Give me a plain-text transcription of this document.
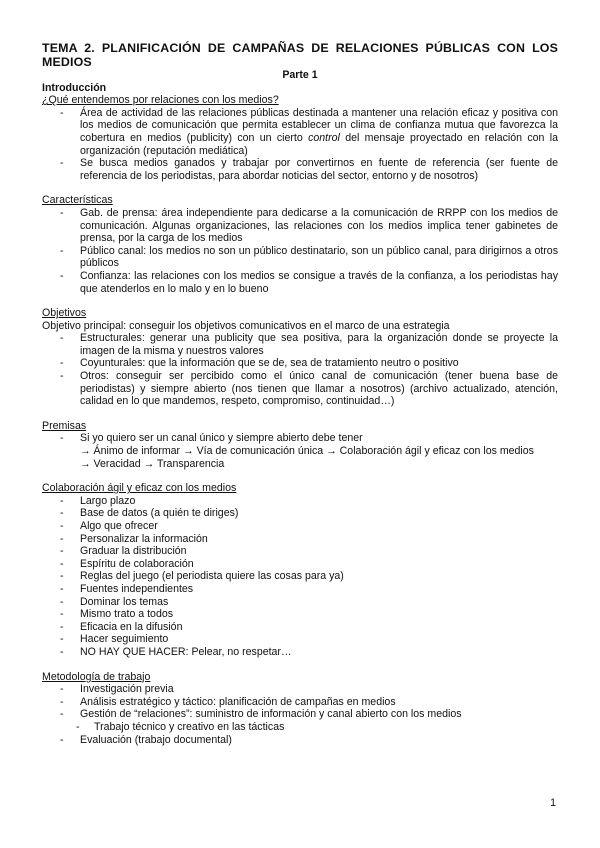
TEMA 2. PLANIFICACIÓN DE CAMPAÑAS DE RELACIONES PÚBLICAS CON LOS MEDIOS

Parte 1

Introducción
¿Qué entendemos por relaciones con los medios?
- Área de actividad de las relaciones públicas destinada a mantener una relación eficaz y positiva con los medios de comunicación que permita establecer un clima de confianza mutua que favorezca la cobertura en medios (publicity) con un cierto control del mensaje proyectado en relación con la organización (reputación mediática)
- Se busca medios ganados y trabajar por convertirnos en fuente de referencia (ser fuente de referencia de los periodistas, para abordar noticias del sector, entorno y de nosotros)
Características
- Gab. de prensa: área independiente para dedicarse a la comunicación de RRPP con los medios de comunicación. Algunas organizaciones, las relaciones con los medios implica tener gabinetes de prensa, por la carga de los medios
- Público canal: los medios no son un público destinatario, son un público canal, para dirigirnos a otros públicos
- Confianza: las relaciones con los medios se consigue a través de la confianza, a los periodistas hay que atenderlos en lo malo y en lo bueno
Objetivos
Objetivo principal: conseguir los objetivos comunicativos en el marco de una estrategia
- Estructurales: generar una publicity que sea positiva, para la organización donde se proyecte la imagen de la misma y nuestros valores
- Coyunturales: que la información que se de, sea de tratamiento neutro o positivo
- Otros: conseguir ser percibido como el único canal de comunicación (tener buena base de periodistas) y siempre abierto (nos tienen que llamar a nosotros) (archivo actualizado, atención, calidad en lo que mandemos, respeto, compromiso, continuidad…)
Premisas
- Si yo quiero ser un canal único y siempre abierto debe tener
→ Ánimo de informar → Vía de comunicación única → Colaboración ágil y eficaz con los medios
→ Veracidad → Transparencia
Colaboración ágil y eficaz con los medios
- Largo plazo
- Base de datos (a quién te diriges)
- Algo que ofrecer
- Personalizar la información
- Graduar la distribución
- Espíritu de colaboración
- Reglas del juego (el periodista quiere las cosas para ya)
- Fuentes independientes
- Dominar los temas
- Mismo trato a todos
- Eficacia en la difusión
- Hacer seguimiento
- NO HAY QUE HACER: Pelear, no respetar…
Metodología de trabajo
- Investigación previa
- Análisis estratégico y táctico: planificación de campañas en medios
- Gestión de “relaciones”: suministro de información y canal abierto con los medios
- Trabajo técnico y creativo en las tácticas
- Evaluación (trabajo documental)
1
